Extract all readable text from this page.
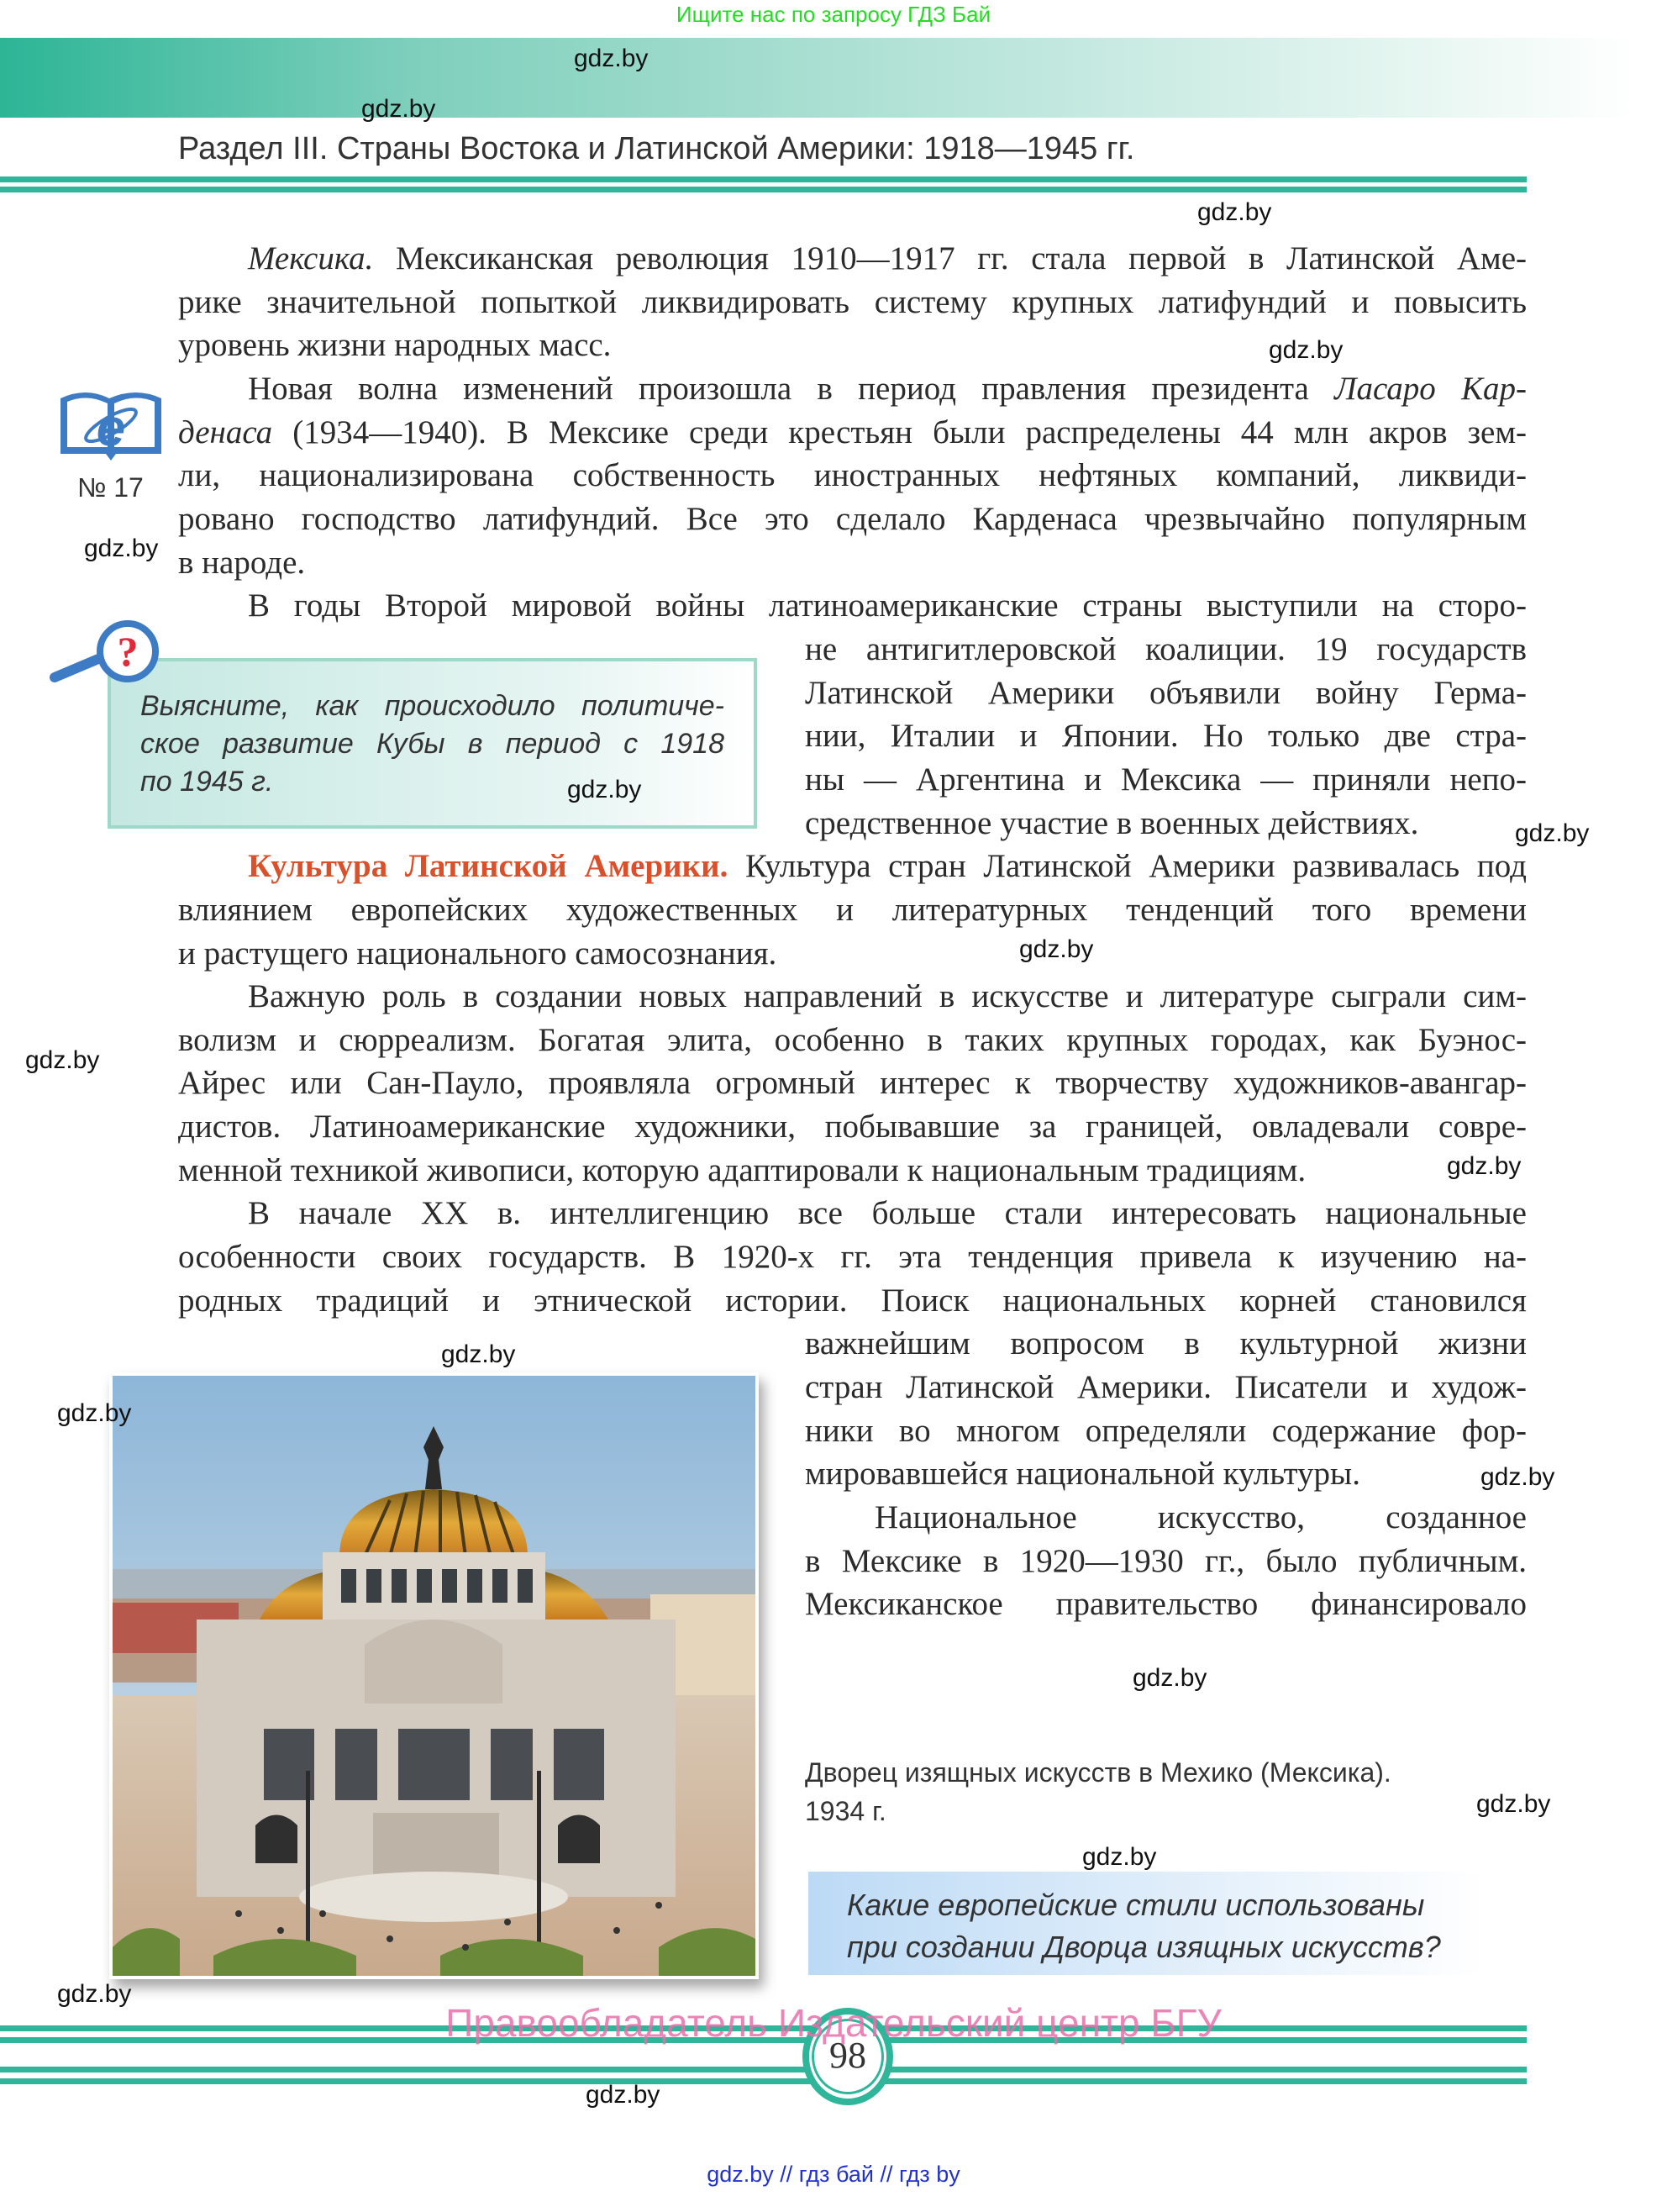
Ищите нас по запросу ГДЗ Бай
Раздел III. Страны Востока и Латинской Америки: 1918—1945 гг.
Мексика. Мексиканская революция 1910—1917 гг. стала первой в Латинской Аме-
рике значительной попыткой ликвидировать систему крупных латифундий и повысить
уровень жизни народных масс.
Новая волна изменений произошла в период правления президента Ласаро Кар-
денаса (1934—1940). В Мексике среди крестьян были распределены 44 млн акров зем-
ли, национализирована собственность иностранных нефтяных компаний, ликвиди-
ровано господство латифундий. Все это сделало Карденаса чрезвычайно популярным
в народе.
В годы Второй мировой войны латиноамериканские страны выступили на сторо-
не антигитлеровской коалиции. 19 государств
Латинской Америки объявили войну Герма-
нии, Италии и Японии. Но только две стра-
ны — Аргентина и Мексика — приняли непо-
средственное участие в военных действиях.
Культура Латинской Америки. Культура стран Латинской Америки развивалась под
влиянием европейских художественных и литературных тенденций того времени
и растущего национального самосознания.
Важную роль в создании новых направлений в искусстве и литературе сыграли сим-
волизм и сюрреализм. Богатая элита, особенно в таких крупных городах, как Буэнос-
Айрес или Сан-Пауло, проявляла огромный интерес к творчеству художников-авангар-
дистов. Латиноамериканские художники, побывавшие за границей, овладевали совре-
менной техникой живописи, которую адаптировали к национальным традициям.
В начале XX в. интеллигенцию все больше стали интересовать национальные
особенности своих государств. В 1920-х гг. эта тенденция привела к изучению на-
родных традиций и этнической истории. Поиск национальных корней становился
важнейшим вопросом в культурной жизни
стран Латинской Америки. Писатели и худож-
ники во многом определяли содержание фор-
мировавшейся национальной культуры.
Национальное искусство, созданное
в Мексике в 1920—1930 гг., было публичным.
Мексиканское правительство финансировало
e
№ 17
?
Выясните, как происходило политиче-
ское развитие Кубы в период с 1918
по 1945 г.
Дворец изящных искусств в Мехико (Мексика).
1934 г.
Какие европейские стили использованы
при создании Дворца изящных искусств?
98
Правообладатель Издательский центр БГУ
gdz.by // гдз бай // гдз by
gdz.by
gdz.by
gdz.by
gdz.by
gdz.by
gdz.by
gdz.by
gdz.by
gdz.by
gdz.by
gdz.by
gdz.by
gdz.by
gdz.by
gdz.by
gdz.by
gdz.by
gdz.by
